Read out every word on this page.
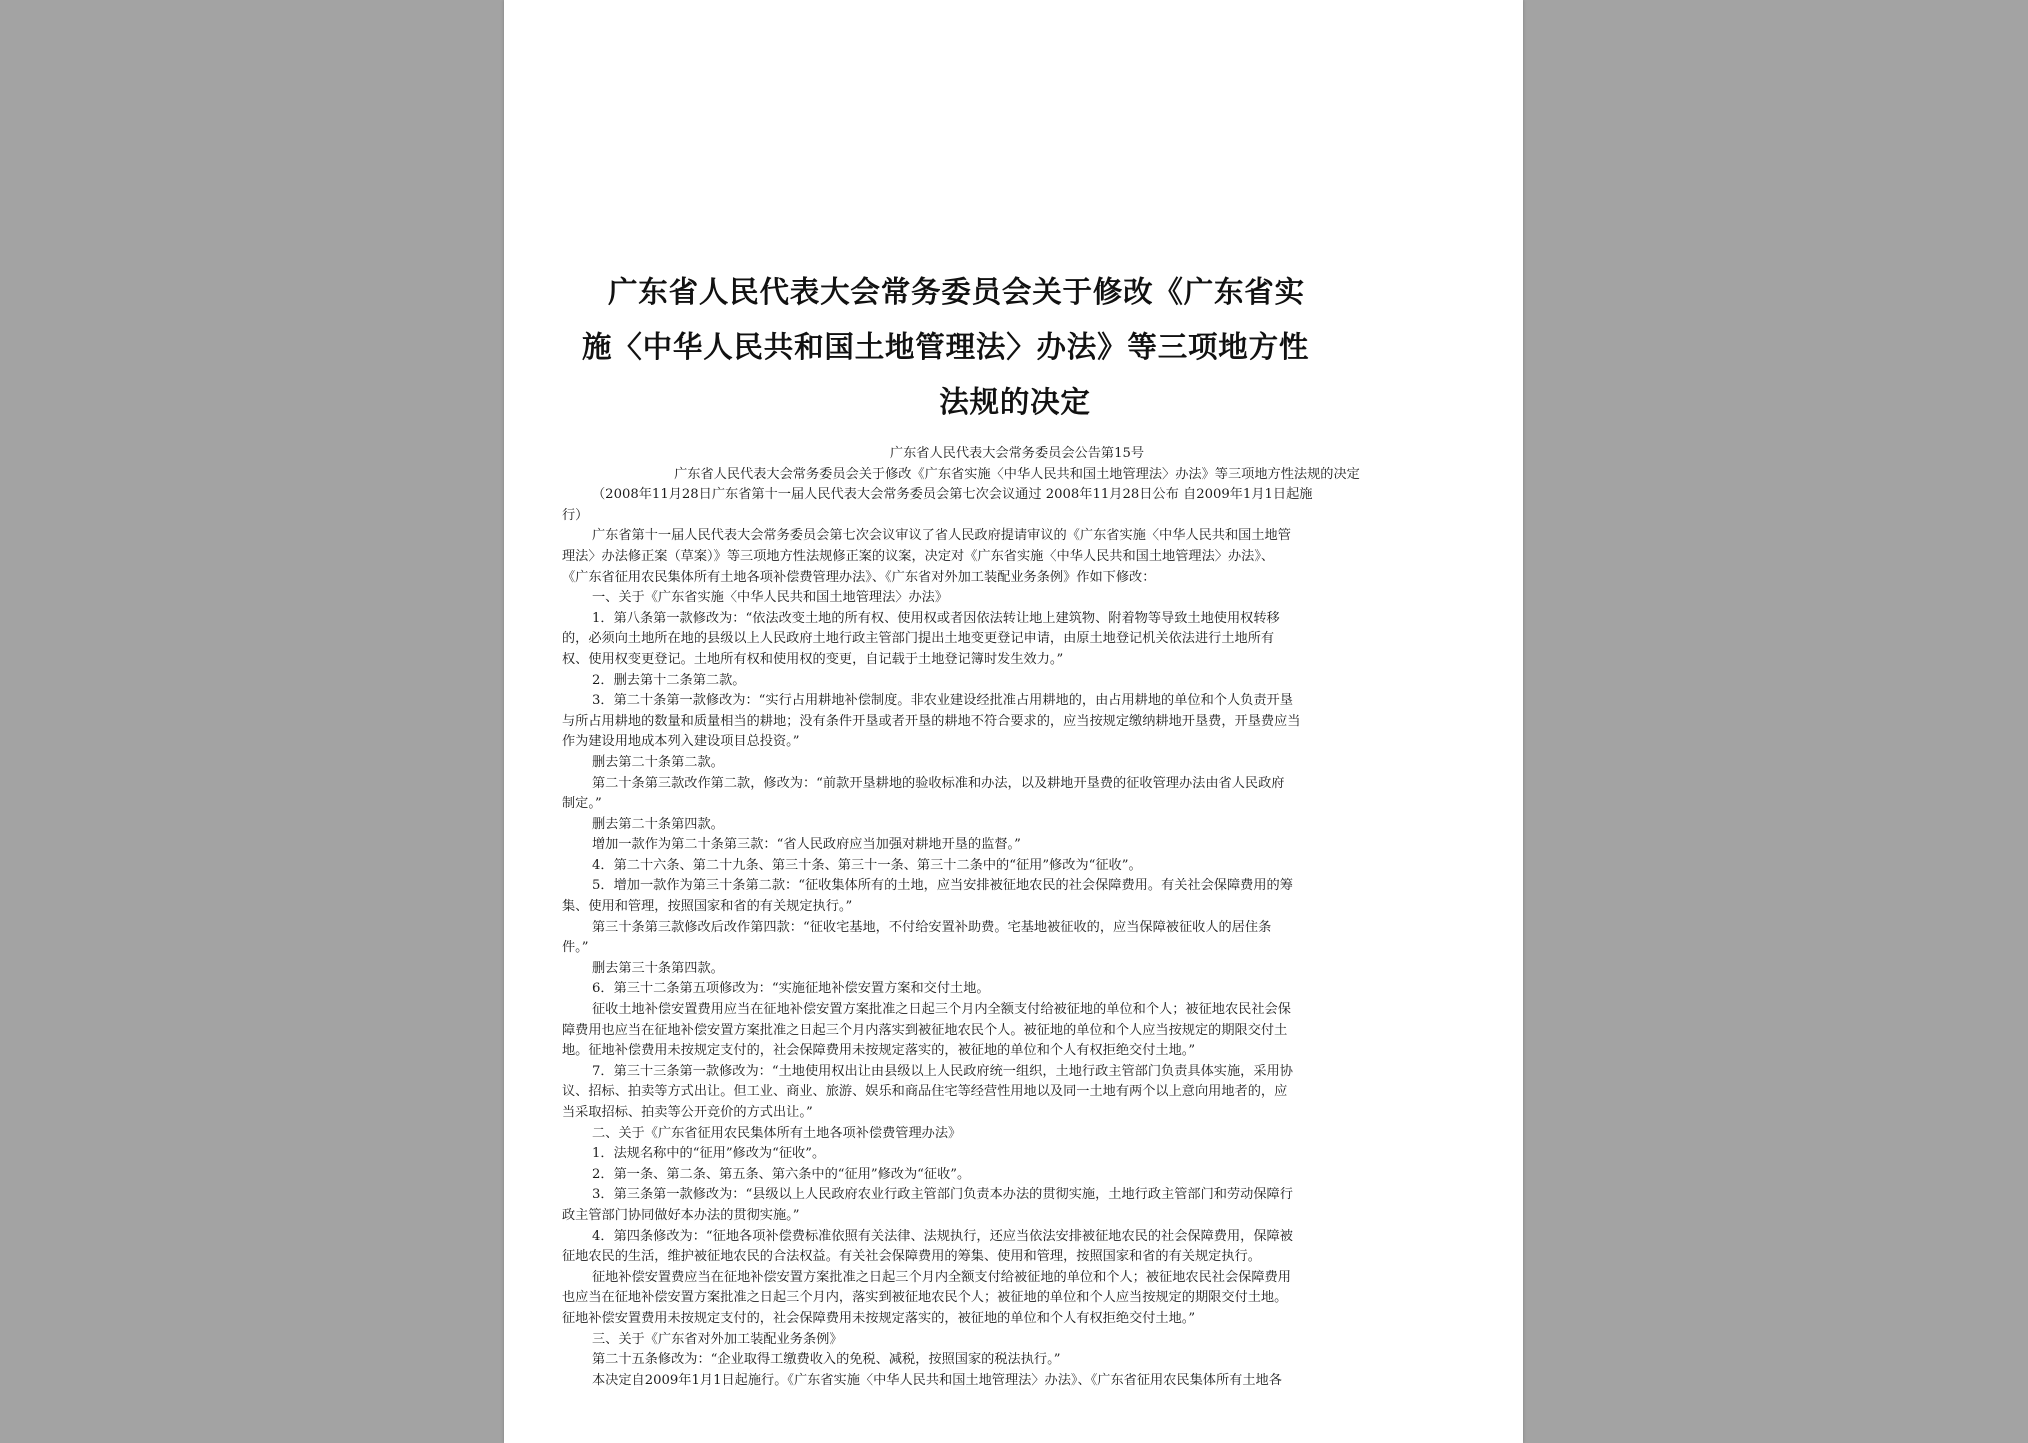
广东省人民代表大会常务委员会关于修改《广东省实
施〈中华人民共和国土地管理法〉办法》等三项地方性
法规的决定
广东省人民代表大会常务委员会公告第15号
广东省人民代表大会常务委员会关于修改《广东省实施〈中华人民共和国土地管理法〉办法》等三项地方性法规的决定
（2008年11月28日广东省第十一届人民代表大会常务委员会第七次会议通过 2008年11月28日公布 自2009年1月1日起施
行）
广东省第十一届人民代表大会常务委员会第七次会议审议了省人民政府提请审议的《广东省实施〈中华人民共和国土地管
理法〉办法修正案（草案）》等三项地方性法规修正案的议案，决定对《广东省实施〈中华人民共和国土地管理法〉办法》、
《广东省征用农民集体所有土地各项补偿费管理办法》、《广东省对外加工装配业务条例》作如下修改：
一、关于《广东省实施〈中华人民共和国土地管理法〉办法》
1．第八条第一款修改为：“依法改变土地的所有权、使用权或者因依法转让地上建筑物、附着物等导致土地使用权转移
的，必须向土地所在地的县级以上人民政府土地行政主管部门提出土地变更登记申请，由原土地登记机关依法进行土地所有
权、使用权变更登记。土地所有权和使用权的变更，自记载于土地登记簿时发生效力。”
2．删去第十二条第二款。
3．第二十条第一款修改为：“实行占用耕地补偿制度。非农业建设经批准占用耕地的，由占用耕地的单位和个人负责开垦
与所占用耕地的数量和质量相当的耕地；没有条件开垦或者开垦的耕地不符合要求的，应当按规定缴纳耕地开垦费，开垦费应当
作为建设用地成本列入建设项目总投资。”
删去第二十条第二款。
第二十条第三款改作第二款，修改为：“前款开垦耕地的验收标准和办法，以及耕地开垦费的征收管理办法由省人民政府
制定。”
删去第二十条第四款。
增加一款作为第二十条第三款：“省人民政府应当加强对耕地开垦的监督。”
4．第二十六条、第二十九条、第三十条、第三十一条、第三十二条中的“征用”修改为“征收”。
5．增加一款作为第三十条第二款：“征收集体所有的土地，应当安排被征地农民的社会保障费用。有关社会保障费用的筹
集、使用和管理，按照国家和省的有关规定执行。”
第三十条第三款修改后改作第四款：“征收宅基地，不付给安置补助费。宅基地被征收的，应当保障被征收人的居住条
件。”
删去第三十条第四款。
6．第三十二条第五项修改为：“实施征地补偿安置方案和交付土地。
征收土地补偿安置费用应当在征地补偿安置方案批准之日起三个月内全额支付给被征地的单位和个人；被征地农民社会保
障费用也应当在征地补偿安置方案批准之日起三个月内落实到被征地农民个人。被征地的单位和个人应当按规定的期限交付土
地。征地补偿费用未按规定支付的，社会保障费用未按规定落实的，被征地的单位和个人有权拒绝交付土地。”
7．第三十三条第一款修改为：“土地使用权出让由县级以上人民政府统一组织，土地行政主管部门负责具体实施，采用协
议、招标、拍卖等方式出让。但工业、商业、旅游、娱乐和商品住宅等经营性用地以及同一土地有两个以上意向用地者的，应
当采取招标、拍卖等公开竞价的方式出让。”
二、关于《广东省征用农民集体所有土地各项补偿费管理办法》
1．法规名称中的“征用”修改为“征收”。
2．第一条、第二条、第五条、第六条中的“征用”修改为“征收”。
3．第三条第一款修改为：“县级以上人民政府农业行政主管部门负责本办法的贯彻实施，土地行政主管部门和劳动保障行
政主管部门协同做好本办法的贯彻实施。”
4．第四条修改为：“征地各项补偿费标准依照有关法律、法规执行，还应当依法安排被征地农民的社会保障费用，保障被
征地农民的生活，维护被征地农民的合法权益。有关社会保障费用的筹集、使用和管理，按照国家和省的有关规定执行。
征地补偿安置费应当在征地补偿安置方案批准之日起三个月内全额支付给被征地的单位和个人；被征地农民社会保障费用
也应当在征地补偿安置方案批准之日起三个月内，落实到被征地农民个人；被征地的单位和个人应当按规定的期限交付土地。
征地补偿安置费用未按规定支付的，社会保障费用未按规定落实的，被征地的单位和个人有权拒绝交付土地。”
三、关于《广东省对外加工装配业务条例》
第二十五条修改为：“企业取得工缴费收入的免税、减税，按照国家的税法执行。”
本决定自2009年1月1日起施行。《广东省实施〈中华人民共和国土地管理法〉办法》、《广东省征用农民集体所有土地各
